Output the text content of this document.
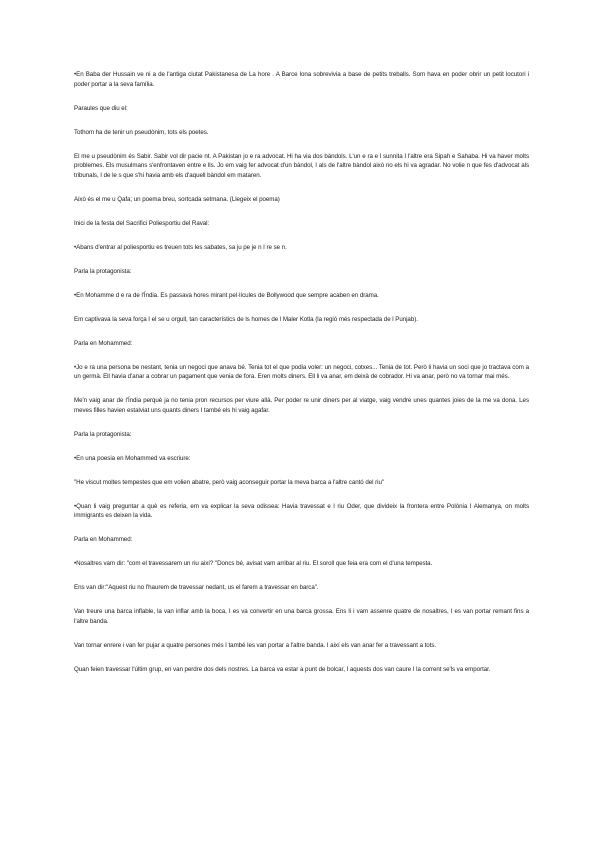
•En Baba der Hussain ve ni a de l'antiga ciutat Pakistanesa de La hore . A Barce lona sobrevivia a base de petits treballs. Som hava en poder obrir un petit locutori i poder portar a la seva família.

Paraules que diu el:

Tothom ha de tenir un pseudònim, tots els poetes.

El me u pseudònim és Sabir. Sabir vol dir pacie nt. A Pakistan jo e ra advocat. Hi ha via dos bàndols. L'un e ra e l sunnita I l'altre era Sipah e Sahaba. Hi va haver molts problemes. Els musulmans s'enfrontaven entre e lls. Jo em vaig fer advocat d'un bàndol, I als de l'altre bàndol això no els hi va agradar. No volie n que fes d'advocat als tribunals, I de le s que s'hi havia amb els d'aquell bàndol em mataren.

Això és el me u Qafa; un poema breu, sortcada setmana. (Llegeix el poema)

Inici de la festa del Sacrifici Poliesportiu del Raval:

•Abans d'entrar al poliesportiu es treuen tots les sabates, sa ju pe je n I re se n.

Parla la protagonista:

•En Mohamme d e ra de l'Índia. Es passava hores mirant pel·lícules de Bollywood que sempre acaben en drama.

Em captivava la seva força I el se u orgull, tan característics de ls homes de l Maler Kotla (la regió més respectada de l Punjab).

Parla en Mohammed:

•Jo e ra una persona be nestant, tenia un negoci que anava bé. Tenia tot el que podia voler: un negoci, cotxes... Tenia de tot. Però li havia un soci que jo tractava com a un germà. Ell havia d'anar a cobrar un pagament que venia de fora. Eren molts diners. Ell li va anar, em deixà de cobrador. Hi va anar, però no va tornar mai més.

Me'n vaig anar de l'Índia perquè ja no tenia pron recursos per viure allà. Per poder re unir diners per al viatge, vaig vendre unes quantes joies de la me va dona. Les meves filles havien estalviat uns quants diners I també els hi vaig agafar.

Parla la protagonista:

•En una poesia en Mohammed va escriure:

"He viscut moltes tempestes que em volien abatre, però vaig aconseguir portar la meva barca a l'altre cantó del riu"

•Quan li vaig preguntar a què es referia, em va explicar la seva odissea: Havia travessat e l riu Oder, que divideix la frontera entre Polònia I Alemanya, on molts immigrants es deixen la vida.

Parla en Mohammed:

•Nosaltres vam dir: "com el travessarem un riu així? "Doncs bé, avisat vam arribar al riu. El soroll que feia era com el d'una tempesta.

Ens van dir:"Aquest riu no l'haurem de travessar nedant, us el farem a travessar en barca".

Van treure una barca inflable, la van inflar amb la boca, I es va convertir en una barca grossa. Ens li i vam assenre quatre de nosaltres, I es van portar remant fins a l'altre banda.

Van tornar enrere i van fer pujar a quatre persones més I també les van portar a l'altre banda. I així els van anar fer a travessant a tots.

Quan feien travessar l'últim grup, en van perdre dos dels nostres. La barca va estar a punt de bolcar, I aquests dos van caure I la corrent se'ls va emportar.
